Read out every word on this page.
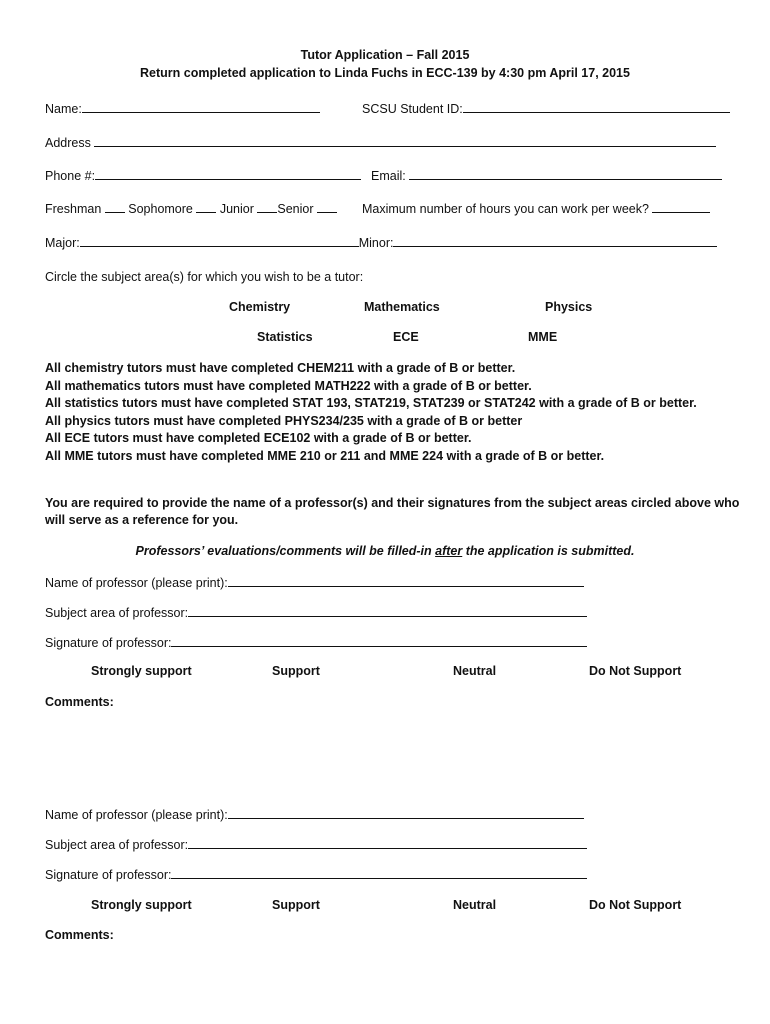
Tutor Application – Fall 2015
Return completed application to Linda Fuchs in ECC-139 by 4:30 pm April 17, 2015
Name:	SCSU Student ID:
Address
Phone #:	Email:
Freshman Sophomore Junior Senior	Maximum number of hours you can work per week?
Major:	Minor:
Circle the subject area(s) for which you wish to be a tutor:
Chemistry	Mathematics	Physics
Statistics	ECE	MME
All chemistry tutors must have completed CHEM211 with a grade of B or better.
All mathematics tutors must have completed MATH222 with a grade of B or better.
All statistics tutors must have completed STAT 193, STAT219, STAT239 or STAT242 with a grade of B or better.
All physics tutors must have completed PHYS234/235 with a grade of B or better
All ECE tutors must have completed ECE102 with a grade of B or better.
All MME tutors must have completed MME 210 or 211 and MME 224 with a grade of B or better.
You are required to provide the name of a professor(s) and their signatures from the subject areas circled above who
will serve as a reference for you.
Professors’ evaluations/comments will be filled-in after the application is submitted.
Name of professor (please print):
Subject area of professor:
Signature of professor:
Strongly support	Support	Neutral	Do Not Support
Comments:
Name of professor (please print):
Subject area of professor:
Signature of professor:
Strongly support	Support	Neutral	Do Not Support
Comments:
